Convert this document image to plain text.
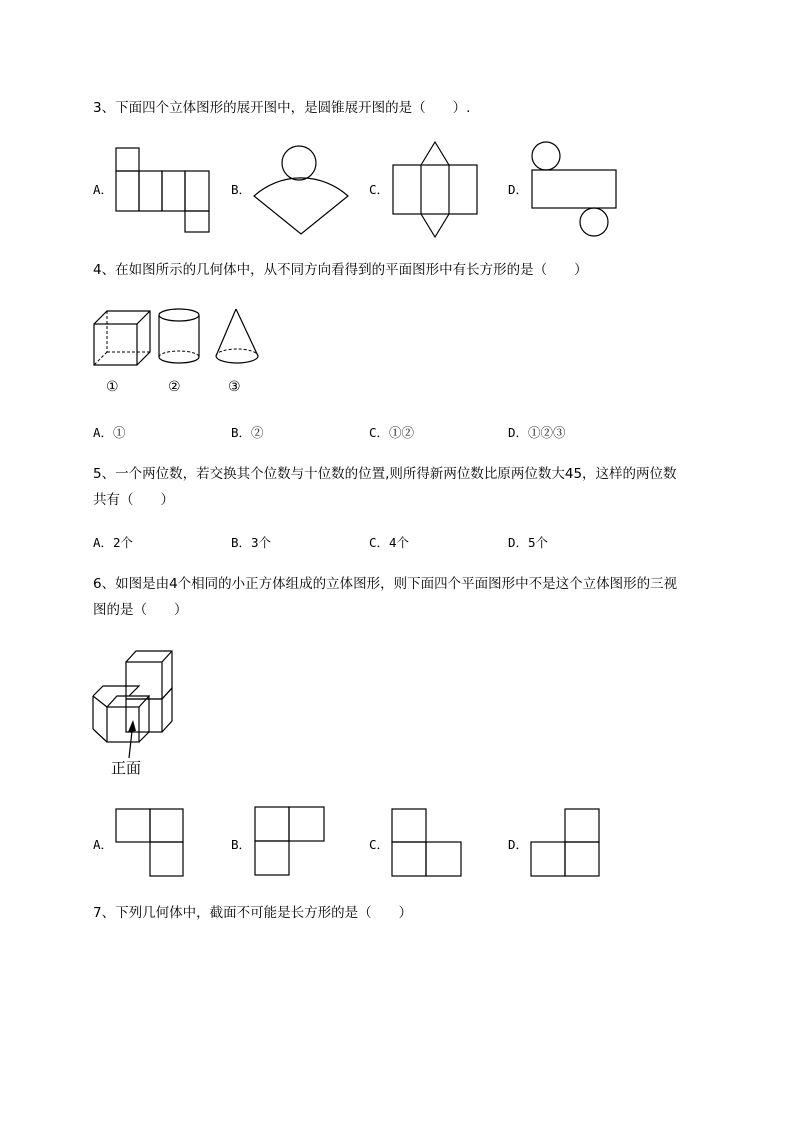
3、下面四个立体图形的展开图中，是圆锥展开图的是（　　）.
A．	B．	C．	D．
4、在如图所示的几何体中，从不同方向看得到的平面图形中有长方形的是（　　）
①	②	③
A．①	B．②	C．①②	D．①②③
5、一个两位数，若交换其个位数与十位数的位置,则所得新两位数比原两位数大45，这样的两位数
共有（　　）
A．2个	B．3个	C．4个	D．5个
6、如图是由4个相同的小正方体组成的立体图形，则下面四个平面图形中不是这个立体图形的三视
图的是（　　）
正面
A．	B．	C．	D．
7、下列几何体中，截面不可能是长方形的是（　　）
